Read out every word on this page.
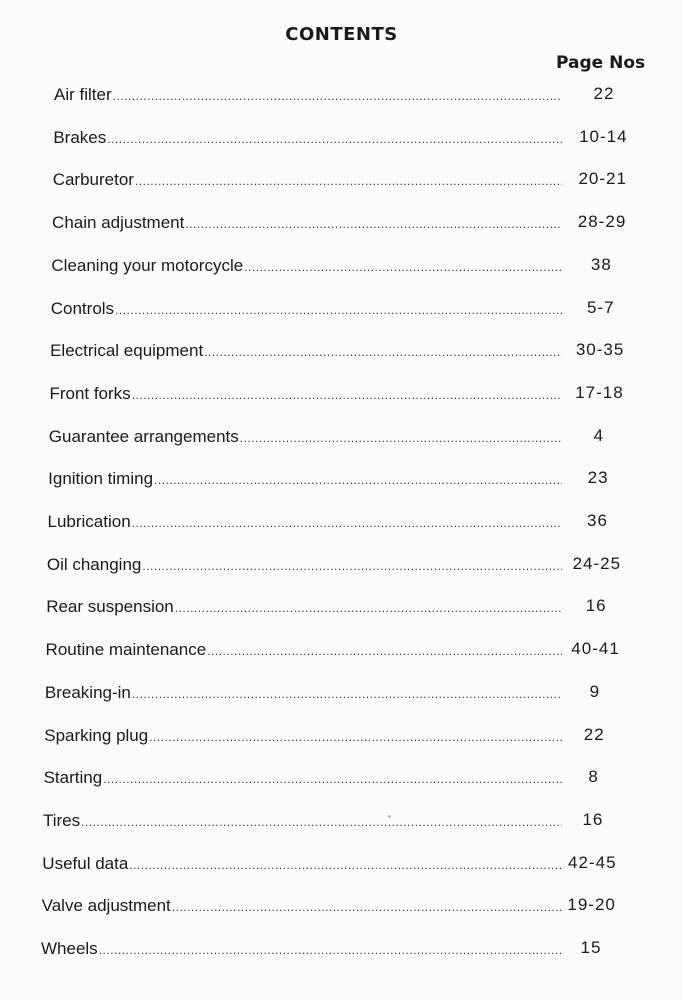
CONTENTS
Page Nos
Air filter .....	22
Brakes .....	10-14
Carburetor .....	20-21
Chain adjustment .....	28-29
Cleaning your motorcycle .....	38
Controls .....	5-7
Electrical equipment .....	30-35
Front forks .....	17-18
Guarantee arrangements .....	4
Ignition timing .....	23
Lubrication .....	36
Oil changing .....	24-25
Rear suspension .....	16
Routine maintenance .....	40-41
Breaking-in .....	9
Sparking plug .....	22
Starting .....	8
Tires .....	16
Useful data .....	42-45
Valve adjustment .....	19-20
Wheels .....	15
